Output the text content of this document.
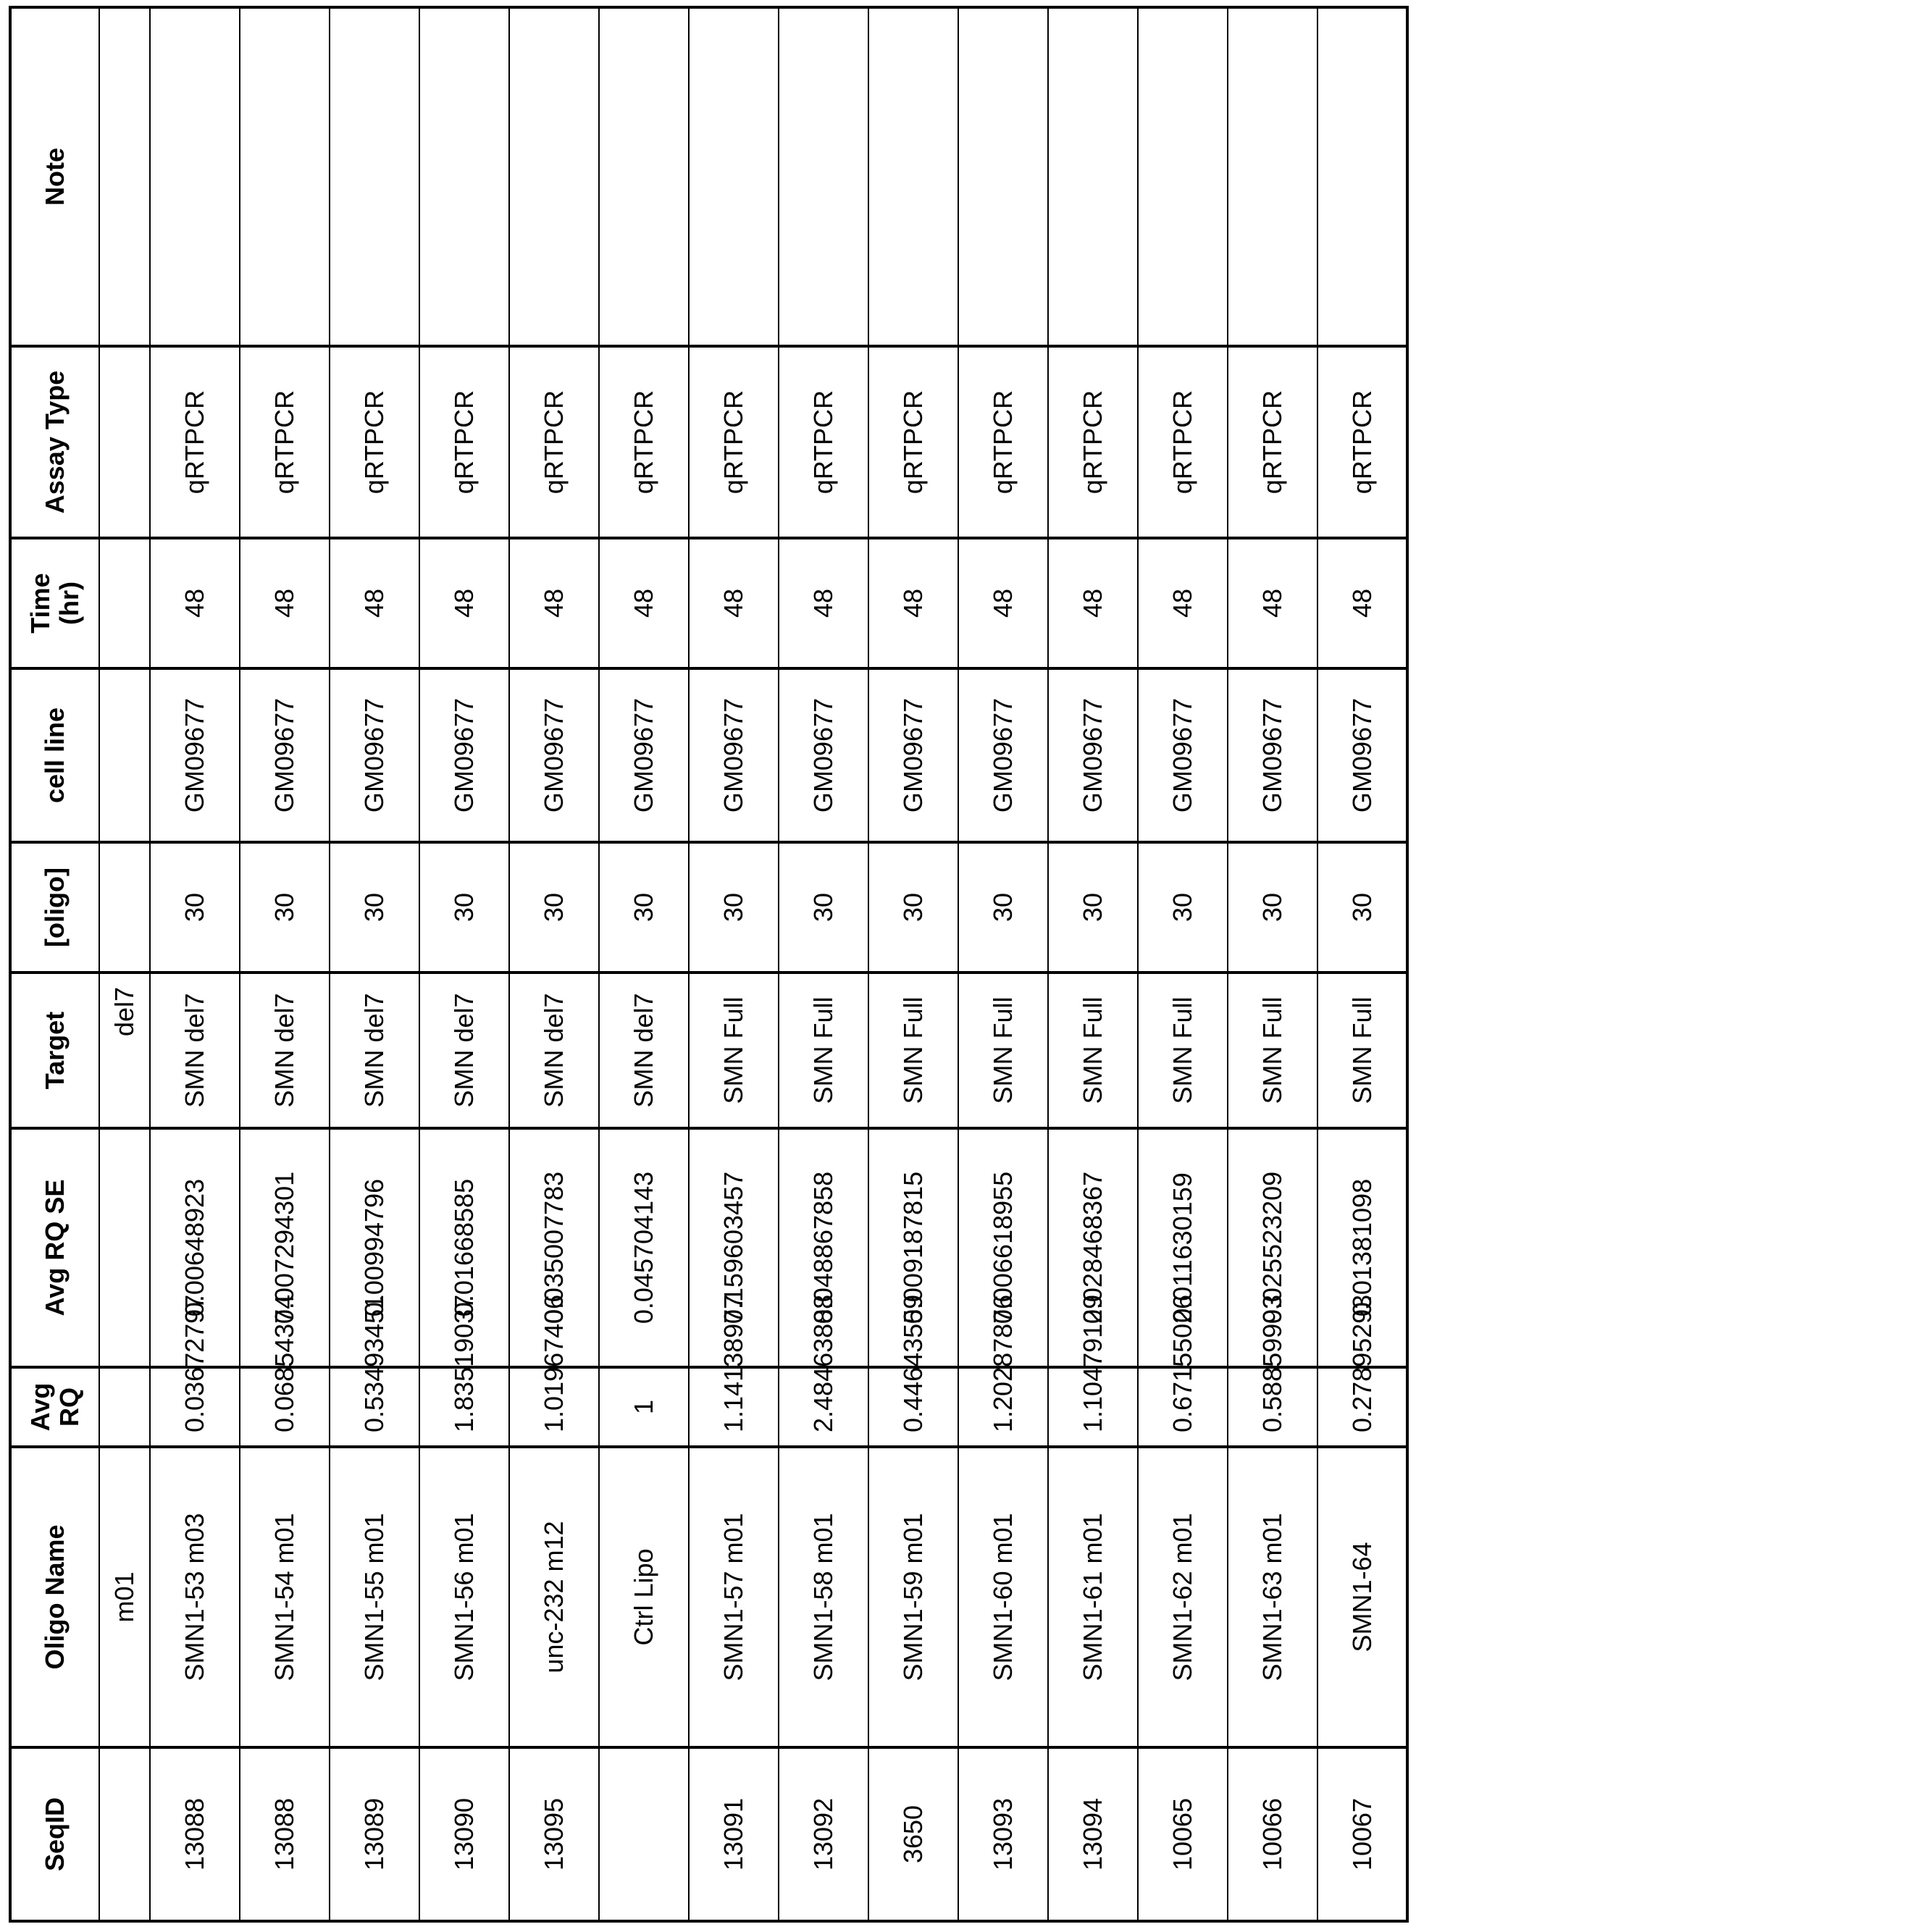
SeqID	Oligo Name	Avg RQ	Avg RQ SE	Target	[oligo]	cell line	Time (hr)	Assay Type	Note
	m01			del7					
13088	SMN1-53 m03	0.03672797	0.00648923	SMN del7	30	GM09677	48	qRTPCR	
13088	SMN1-54 m01	0.06854374	0.007294301	SMN del7	30	GM09677	48	qRTPCR	
13089	SMN1-55 m01	0.53493451	0.00994796	SMN del7	30	GM09677	48	qRTPCR	
13090	SMN1-56 m01	1.83519037	0.01668585	SMN del7	30	GM09677	48	qRTPCR	
13095	unc-232 m12	1.01967406	0.035007783	SMN del7	30	GM09677	48	qRTPCR	
	Ctrl Lipo	1	0.045704143	SMN del7	30	GM09677	48	qRTPCR	
13091	SMN1-57 m01	1.14138977	0.159603457	SMN Full	30	GM09677	48	qRTPCR	
13092	SMN1-58 m01	2.48463888	0.048867858	SMN Full	30	GM09677	48	qRTPCR	
3650	SMN1-59 m01	0.44643559	0.009187815	SMN Full	30	GM09677	48	qRTPCR	
13093	SMN1-60 m01	1.20287876	0.006618955	SMN Full	30	GM09677	48	qRTPCR	
13094	SMN1-61 m01	1.10479129	0.028468367	SMN Full	30	GM09677	48	qRTPCR	
10065	SMN1-62 m01	0.67155026	0.011630159	SMN Full	30	GM09677	48	qRTPCR	
10066	SMN1-63 m01	0.58859993	0.025523209	SMN Full	30	GM09677	48	qRTPCR	
10067	SMN1-64	0.27895293	0.01381098	SMN Full	30	GM09677	48	qRTPCR	
